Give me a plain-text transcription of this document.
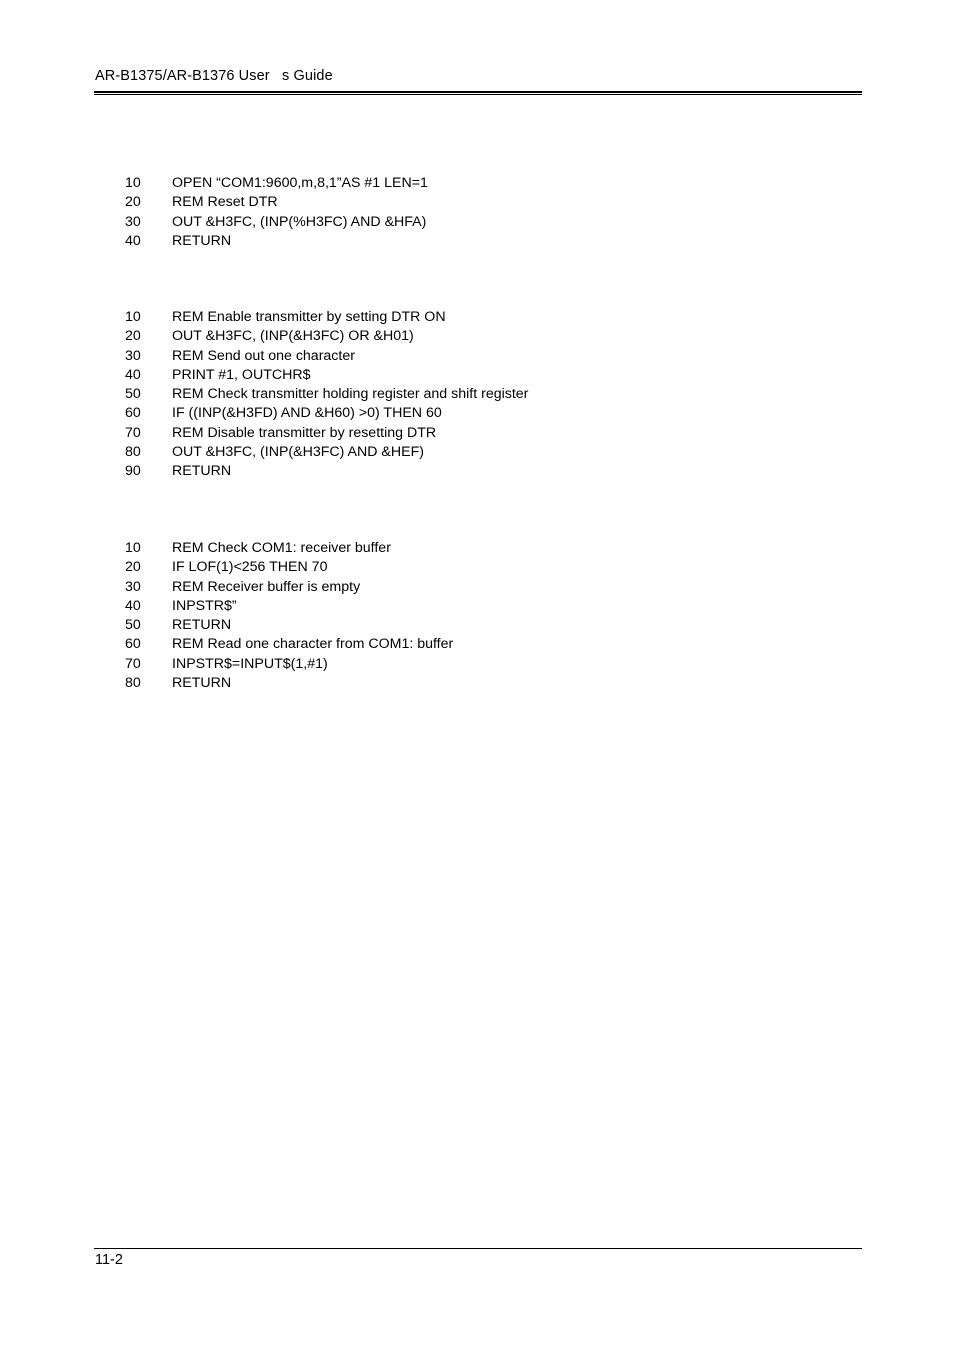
AR-B1375/AR-B1376 User   s Guide
10 OPEN “COM1:9600,m,8,1”AS #1 LEN=1
20 REM Reset DTR
30 OUT &H3FC, (INP(%H3FC) AND &HFA)
40 RETURN
10 REM Enable transmitter by setting DTR ON
20 OUT &H3FC, (INP(&H3FC) OR &H01)
30 REM Send out one character
40 PRINT #1, OUTCHR$
50 REM Check transmitter holding register and shift register
60 IF ((INP(&H3FD) AND &H60) >0) THEN 60
70 REM Disable transmitter by resetting DTR
80 OUT &H3FC, (INP(&H3FC) AND &HEF)
90 RETURN
10 REM Check COM1: receiver buffer
20 IF LOF(1)<256 THEN 70
30 REM Receiver buffer is empty
40 INPSTR$”
50 RETURN
60 REM Read one character from COM1: buffer
70 INPSTR$=INPUT$(1,#1)
80 RETURN
11-2
